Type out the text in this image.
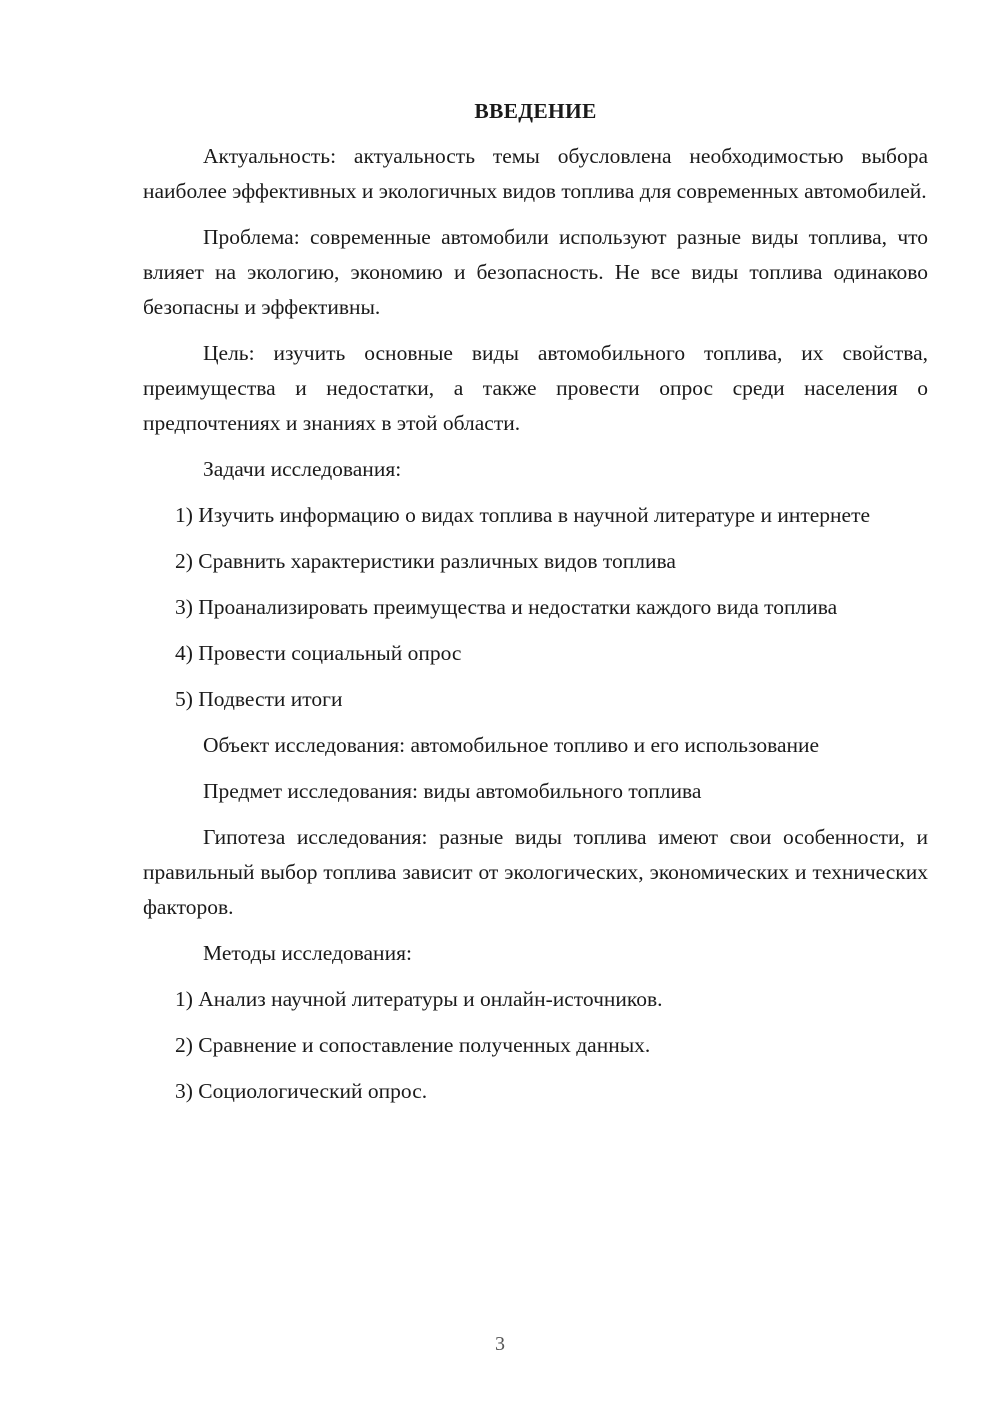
ВВЕДЕНИЕ

Актуальность: актуальность темы обусловлена необходимостью выбора наиболее эффективных и экологичных видов топлива для современных автомобилей.

Проблема: современные автомобили используют разные виды топлива, что влияет на экологию, экономию и безопасность. Не все виды топлива одинаково безопасны и эффективны.

Цель: изучить основные виды автомобильного топлива, их свойства, преимущества и недостатки, а также провести опрос среди населения о предпочтениях и знаниях в этой области.

Задачи исследования:

1) Изучить информацию о видах топлива в научной литературе и интернете

2) Сравнить характеристики различных видов топлива

3) Проанализировать преимущества и недостатки каждого вида топлива

4) Провести социальный опрос

5) Подвести итоги

Объект исследования: автомобильное топливо и его использование

Предмет исследования: виды автомобильного топлива

Гипотеза исследования: разные виды топлива имеют свои особенности, и правильный выбор топлива зависит от экологических, экономических и технических факторов.

Методы исследования:

1) Анализ научной литературы и онлайн-источников.

2) Сравнение и сопоставление полученных данных.

3) Социологический опрос.

3
